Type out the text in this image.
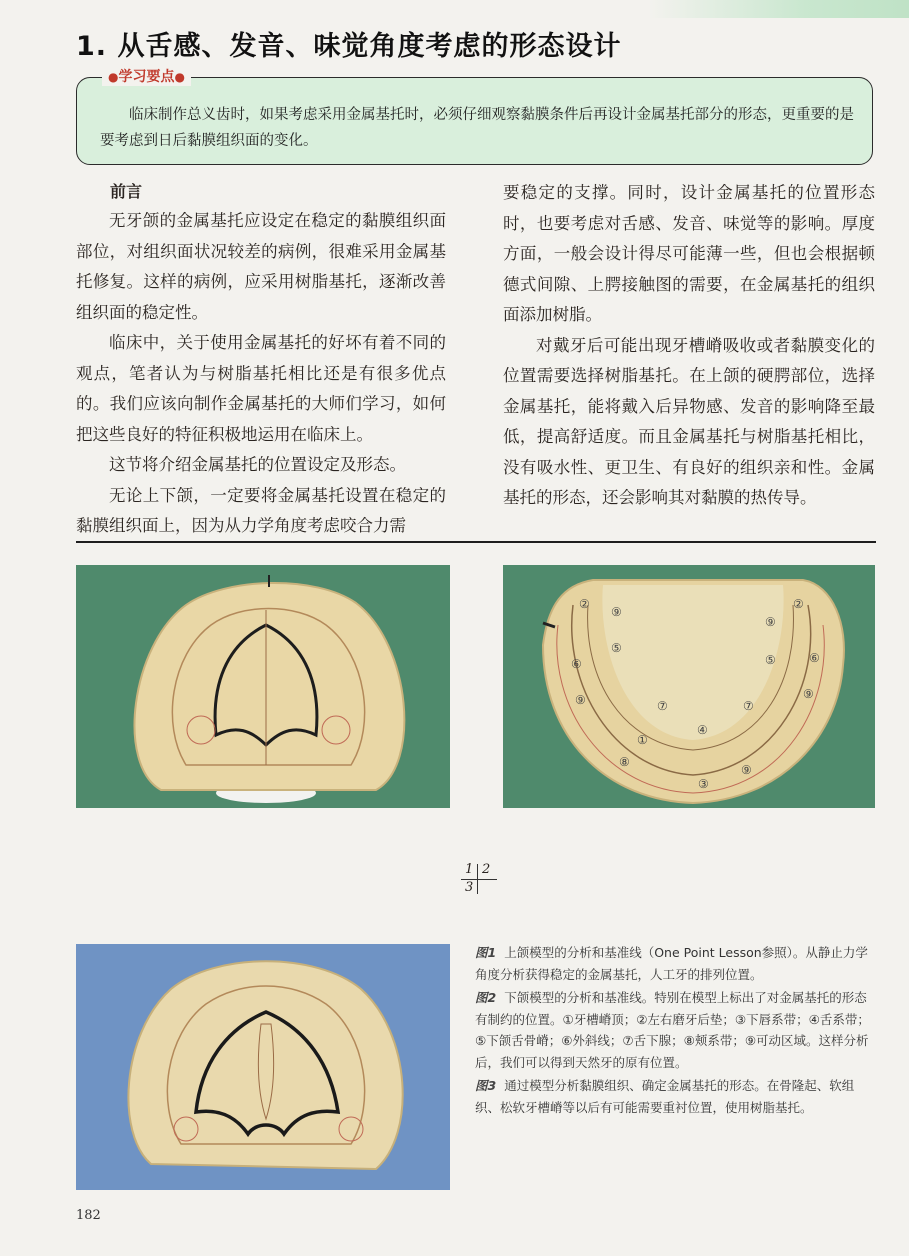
1. 从舌感、发音、味觉角度考虑的形态设计
●学习要点●
临床制作总义齿时，如果考虑采用金属基托时，必须仔细观察黏膜条件后再设计金属基托部分的形态，更重要的是要考虑到日后黏膜组织面的变化。
前言

无牙颌的金属基托应设定在稳定的黏膜组织面部位，对组织面状况较差的病例，很难采用金属基托修复。这样的病例，应采用树脂基托，逐渐改善组织面的稳定性。

临床中，关于使用金属基托的好坏有着不同的观点，笔者认为与树脂基托相比还是有很多优点的。我们应该向制作金属基托的大师们学习，如何把这些良好的特征积极地运用在临床上。

这节将介绍金属基托的位置设定及形态。

无论上下颌，一定要将金属基托设置在稳定的黏膜组织面上，因为从力学角度考虑咬合力需

要稳定的支撑。同时，设计金属基托的位置形态时，也要考虑对舌感、发音、味觉等的影响。厚度方面，一般会设计得尽可能薄一些，但也会根据顿德式间隙、上腭接触图的需要，在金属基托的组织面添加树脂。

对戴牙后可能出现牙槽嵴吸收或者黏膜变化的位置需要选择树脂基托。在上颌的硬腭部位，选择金属基托，能将戴入后异物感、发音的影响降至最低，提高舒适度。而且金属基托与树脂基托相比，没有吸水性、更卫生、有良好的组织亲和性。金属基托的形态，还会影响其对黏膜的热传导。

②
⑨
⑤
⑥
⑨	⑦
④
⑦
①
⑧
③
⑨
⑤
⑨
②
⑥
⑨
1 2
3

图1 上颌模型的分析和基准线（One Point Lesson参照）。从静止力学角度分析获得稳定的金属基托，人工牙的排列位置。

图2 下颌模型的分析和基准线。特别在模型上标出了对金属基托的形态有制约的位置。①牙槽嵴顶；②左右磨牙后垫；③下唇系带；④舌系带；⑤下颌舌骨嵴；⑥外斜线；⑦舌下腺；⑧颊系带；⑨可动区域。这样分析后，我们可以得到天然牙的原有位置。

图3 通过模型分析黏膜组织、确定金属基托的形态。在骨隆起、软组织、松软牙槽嵴等以后有可能需要重衬位置，使用树脂基托。

182
